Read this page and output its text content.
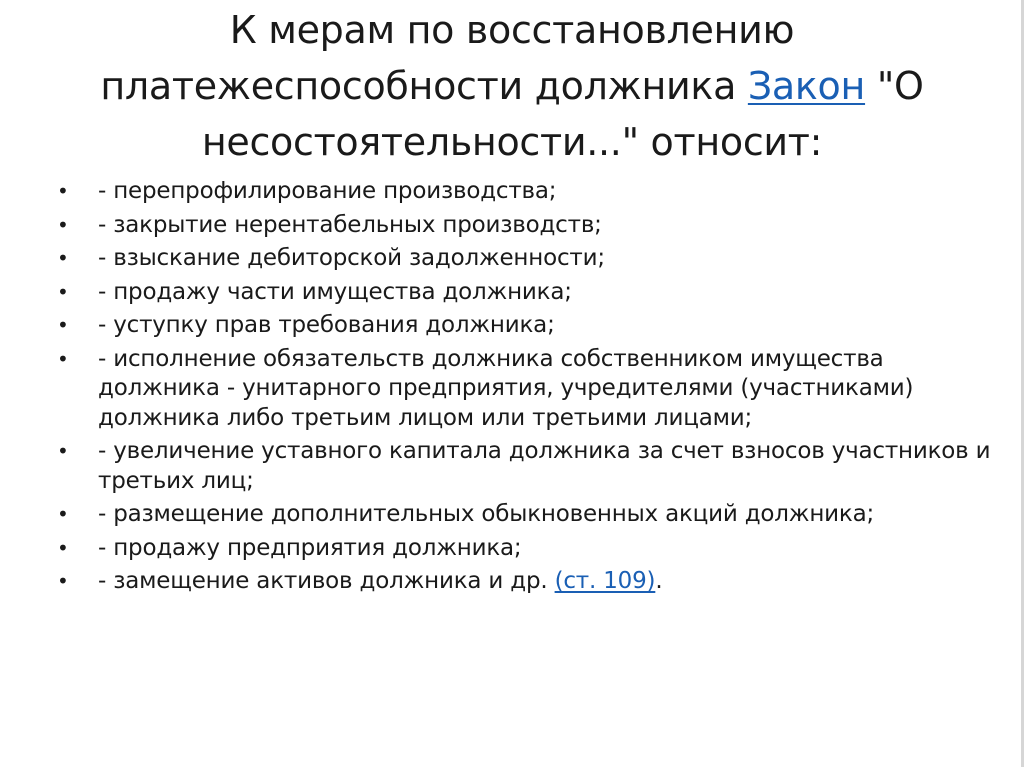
К мерам по восстановлению
платежеспособности должника Закон "О
несостоятельности..." относит:
•	- перепрофилирование производства;
•	- закрытие нерентабельных производств;
•	- взыскание дебиторской задолженности;
•	- продажу части имущества должника;
•	- уступку прав требования должника;
•	- исполнение обязательств должника собственником имущества должника - унитарного предприятия, учредителями (участниками) должника либо третьим лицом или третьими лицами;
•	- увеличение уставного капитала должника за счет взносов участников и третьих лиц;
•	- размещение дополнительных обыкновенных акций должника;
•	- продажу предприятия должника;
•	- замещение активов должника и др. (ст. 109).
